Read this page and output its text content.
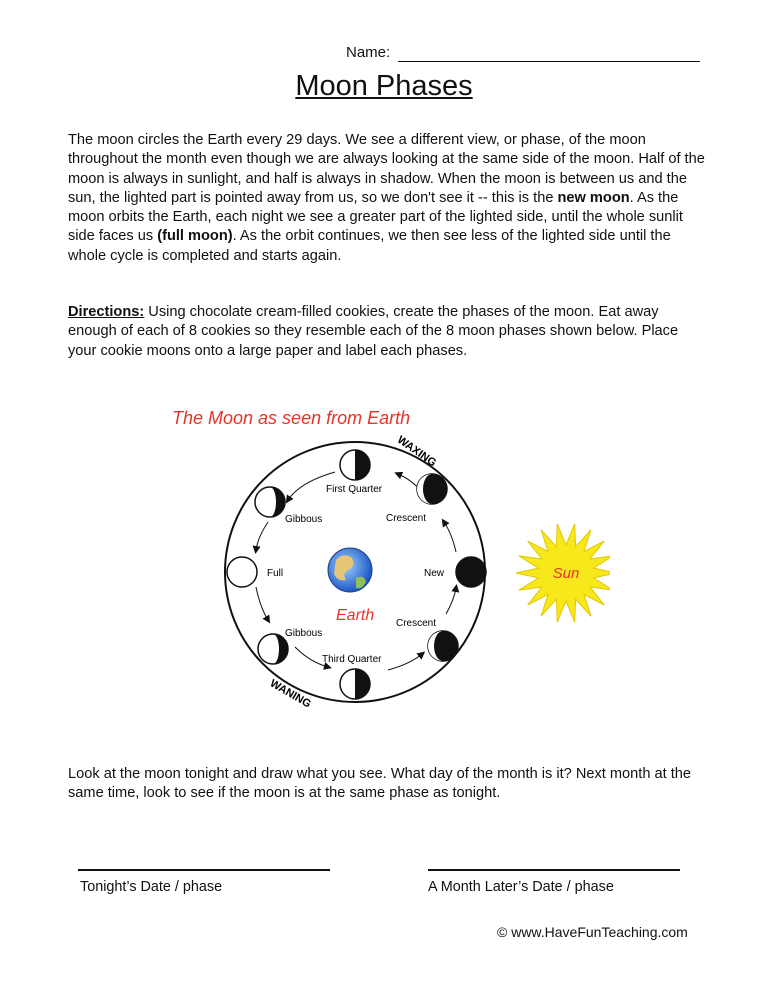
Name:
Moon Phases
The moon circles the Earth every 29 days. We see a different view, or phase, of the moon throughout the month even though we are always looking at the same side of the moon. Half of the moon is always in sunlight, and half is always in shadow. When the moon is between us and the sun, the lighted part is pointed away from us, so we don't see it -- this is the new moon. As the moon orbits the Earth, each night we see a greater part of the lighted side, until the whole sunlit side faces us (full moon). As the orbit continues, we then see less of the lighted side until the whole cycle is completed and starts again.
Directions: Using chocolate cream-filled cookies, create the phases of the moon. Eat away enough of each of 8 cookies so they resemble each of the 8 moon phases shown below. Place your cookie moons onto a large paper and label each phases.
The Moon as seen from Earth
WAXING
WANING
First Quarter
Crescent
Gibbous
Full	New
Gibbous
Crescent
Third Quarter
Earth
Sun
Look at the moon tonight and draw what you see. What day of the month is it? Next month at the same time, look to see if the moon is at the same phase as tonight.
Tonight’s Date / phase	A Month Later’s Date / phase
© www.HaveFunTeaching.com
